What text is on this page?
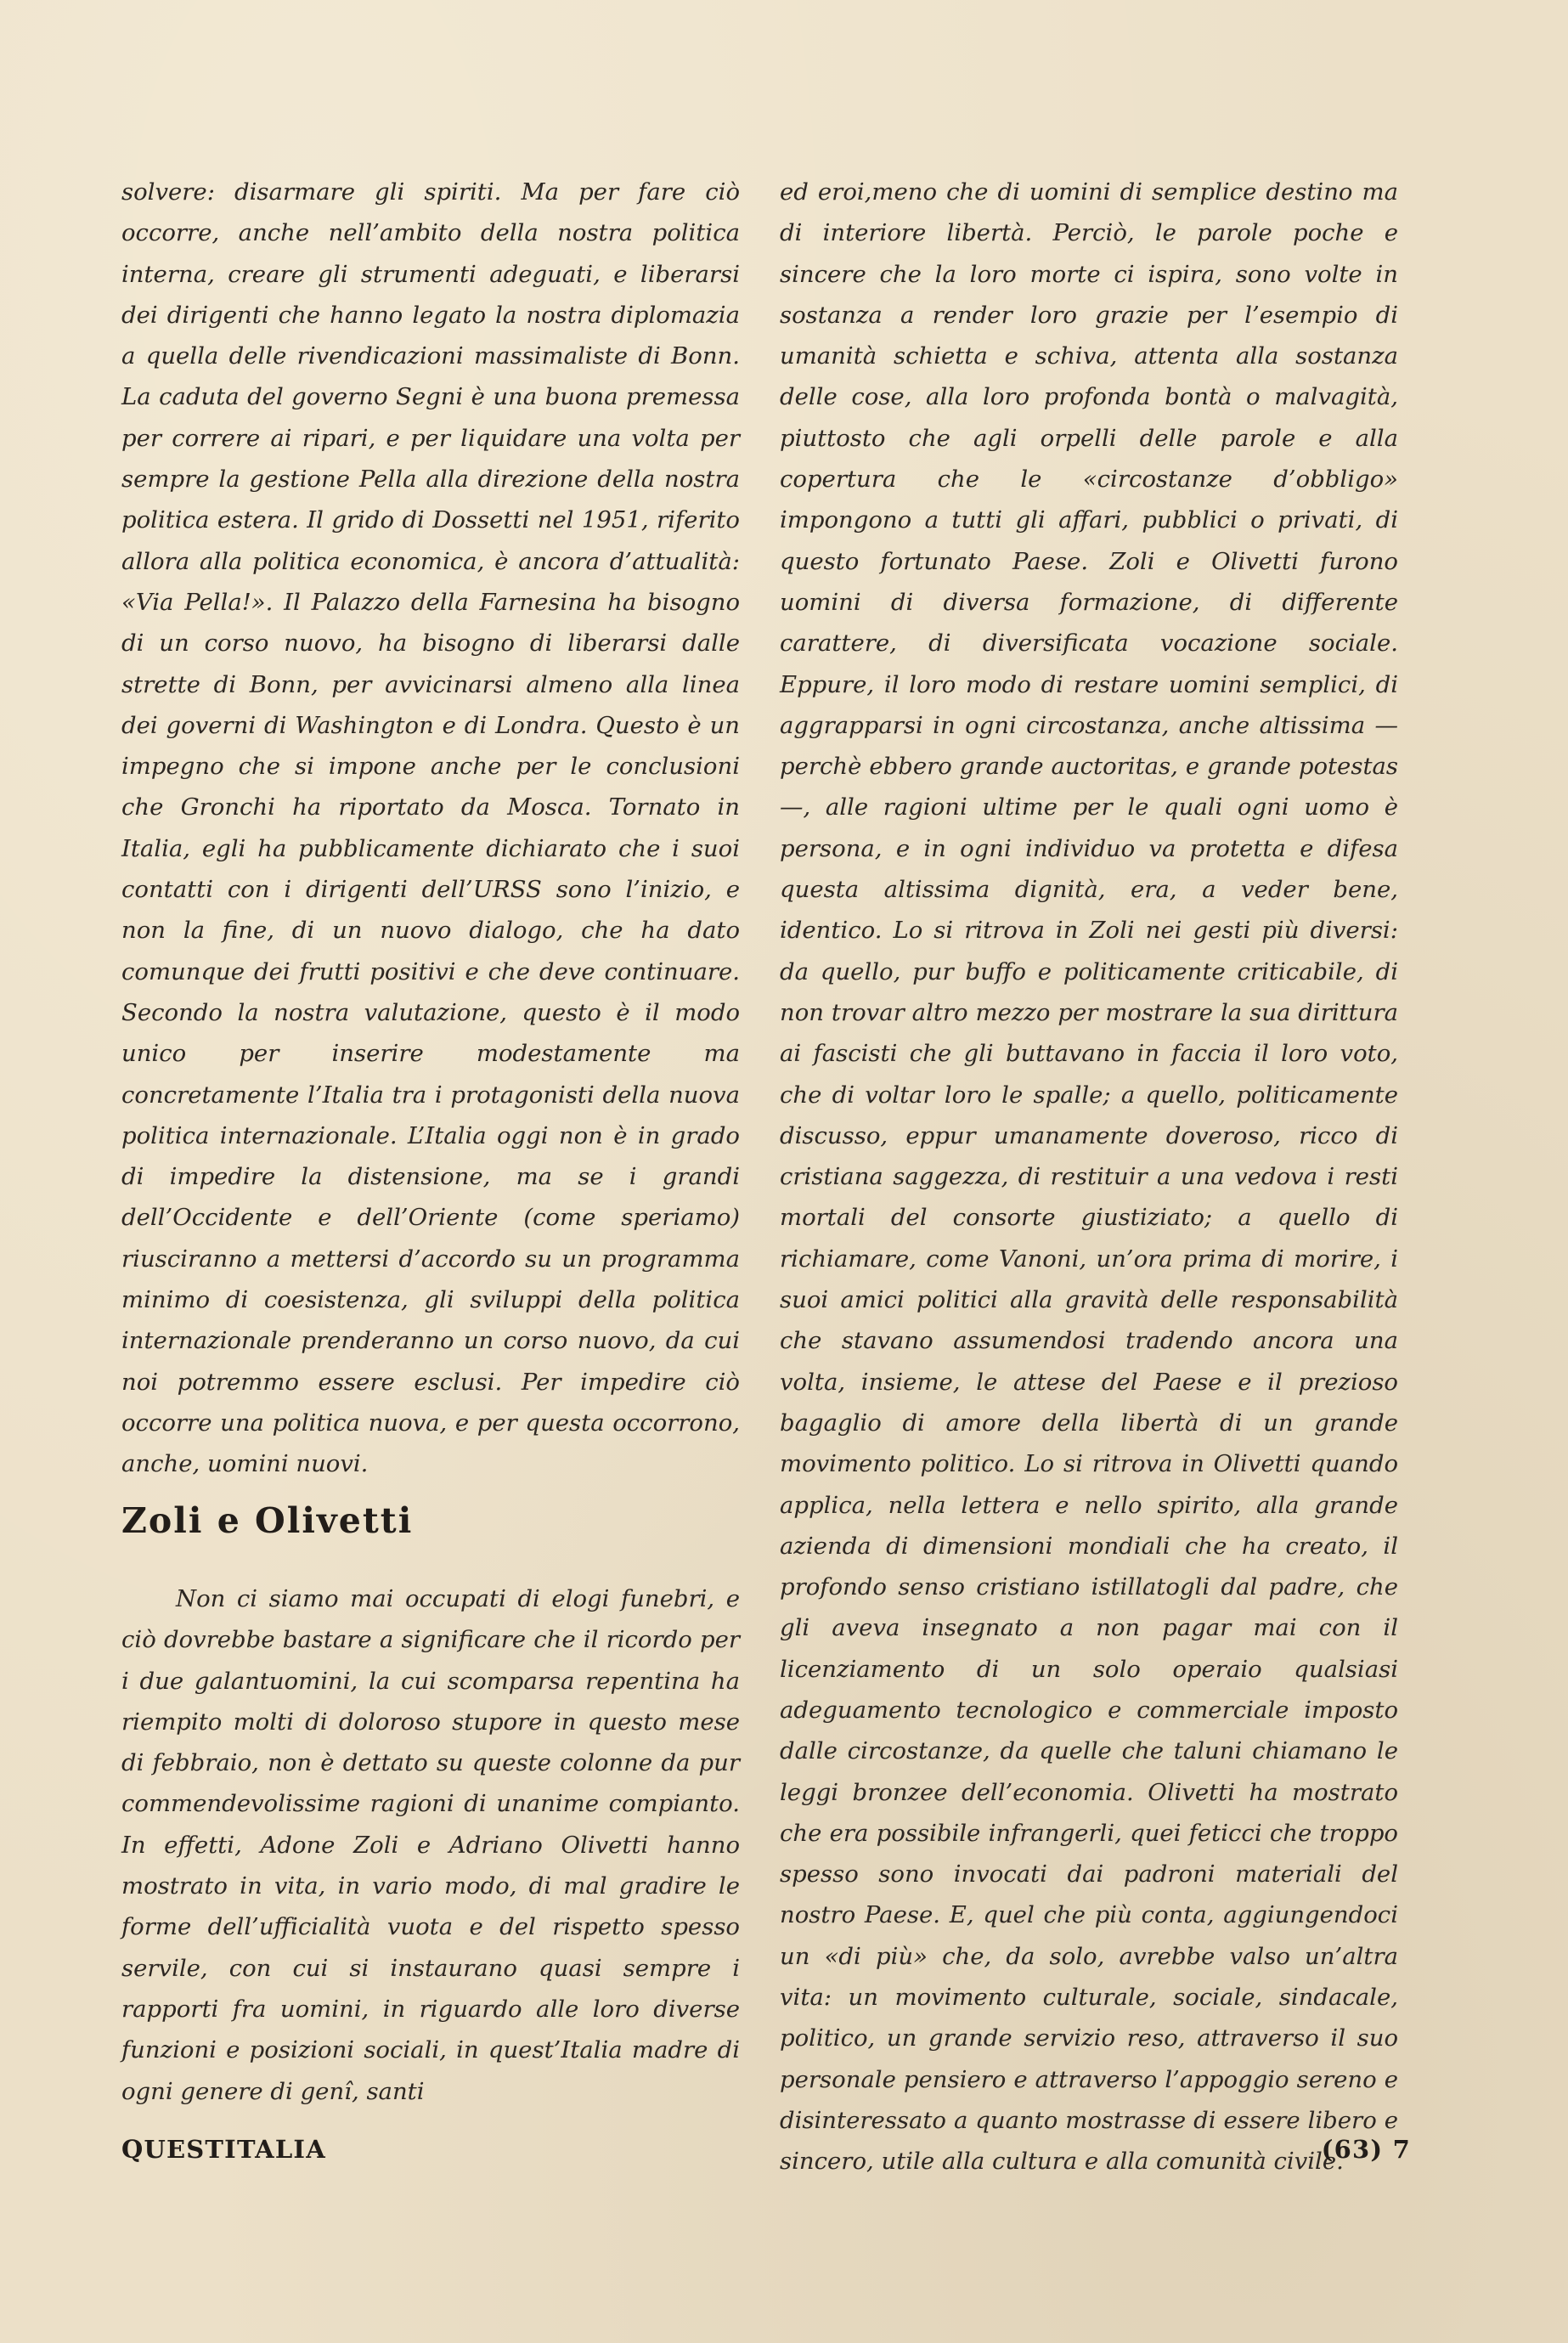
solvere: disarmare gli spiriti. Ma per fare ciò occorre, anche nell’ambito della nostra politica interna, creare gli strumenti adeguati, e liberarsi dei dirigenti che hanno legato la nostra diplomazia a quella delle rivendicazioni massimaliste di Bonn. La caduta del governo Segni è una buona premessa per correre ai ripari, e per liquidare una volta per sempre la gestione Pella alla direzione della nostra politica estera. Il grido di Dossetti nel 1951, riferito allora alla politica economica, è ancora d’attualità: «Via Pella!». Il Palazzo della Farnesina ha bisogno di un corso nuovo, ha bisogno di liberarsi dalle strette di Bonn, per avvicinarsi almeno alla linea dei governi di Washington e di Londra. Questo è un impegno che si impone anche per le conclusioni che Gronchi ha riportato da Mosca. Tornato in Italia, egli ha pubblicamente dichiarato che i suoi contatti con i dirigenti dell’URSS sono l’inizio, e non la fine, di un nuovo dialogo, che ha dato comunque dei frutti positivi e che deve continuare. Secondo la nostra valutazione, questo è il modo unico per inserire modestamente ma concretamente l’Italia tra i protagonisti della nuova politica internazionale. L’Italia oggi non è in grado di impedire la distensione, ma se i grandi dell’Occidente e dell’Oriente (come speriamo) riusciranno a mettersi d’accordo su un programma minimo di coesistenza, gli sviluppi della politica internazionale prenderanno un corso nuovo, da cui noi potremmo essere esclusi. Per impedire ciò occorre una politica nuova, e per questa occorrono, anche, uomini nuovi.

Zoli e Olivetti

Non ci siamo mai occupati di elogi funebri, e ciò dovrebbe bastare a significare che il ricordo per i due galantuomini, la cui scomparsa repentina ha riempito molti di doloroso stupore in questo mese di febbraio, non è dettato su queste colonne da pur commendevolissime ragioni di unanime compianto. In effetti, Adone Zoli e Adriano Olivetti hanno mostrato in vita, in vario modo, di mal gradire le forme dell’ufficialità vuota e del rispetto spesso servile, con cui si instaurano quasi sempre i rapporti fra uomini, in riguardo alle loro diverse funzioni e posizioni sociali, in quest’Italia madre di ogni genere di genî, santi

ed eroi,meno che di uomini di semplice destino ma di interiore libertà. Perciò, le parole poche e sincere che la loro morte ci ispira, sono volte in sostanza a render loro grazie per l’esempio di umanità schietta e schiva, attenta alla sostanza delle cose, alla loro profonda bontà o malvagità, piuttosto che agli orpelli delle parole e alla copertura che le «circostanze d’obbligo» impongono a tutti gli affari, pubblici o privati, di questo fortunato Paese. Zoli e Olivetti furono uomini di diversa formazione, di differente carattere, di diversificata vocazione sociale. Eppure, il loro modo di restare uomini semplici, di aggrapparsi in ogni circostanza, anche altissima — perchè ebbero grande auctoritas, e grande potestas —, alle ragioni ultime per le quali ogni uomo è persona, e in ogni individuo va protetta e difesa questa altissima dignità, era, a veder bene, identico. Lo si ritrova in Zoli nei gesti più diversi: da quello, pur buffo e politicamente criticabile, di non trovar altro mezzo per mostrare la sua dirittura ai fascisti che gli buttavano in faccia il loro voto, che di voltar loro le spalle; a quello, politicamente discusso, eppur umanamente doveroso, ricco di cristiana saggezza, di restituir a una vedova i resti mortali del consorte giustiziato; a quello di richiamare, come Vanoni, un’ora prima di morire, i suoi amici politici alla gravità delle responsabilità che stavano assumendosi tradendo ancora una volta, insieme, le attese del Paese e il prezioso bagaglio di amore della libertà di un grande movimento politico. Lo si ritrova in Olivetti quando applica, nella lettera e nello spirito, alla grande azienda di dimensioni mondiali che ha creato, il profondo senso cristiano istillatogli dal padre, che gli aveva insegnato a non pagar mai con il licenziamento di un solo operaio qualsiasi adeguamento tecnologico e commerciale imposto dalle circostanze, da quelle che taluni chiamano le leggi bronzee dell’economia. Olivetti ha mostrato che era possibile infrangerli, quei feticci che troppo spesso sono invocati dai padroni materiali del nostro Paese. E, quel che più conta, aggiungendoci un «di più» che, da solo, avrebbe valso un’altra vita: un movimento culturale, sociale, sindacale, politico, un grande servizio reso, attraverso il suo personale pensiero e attraverso l’appoggio sereno e disinteressato a quanto mostrasse di essere libero e sincero, utile alla cultura e alla comunità civile.

QUESTITALIA	(63) 7
